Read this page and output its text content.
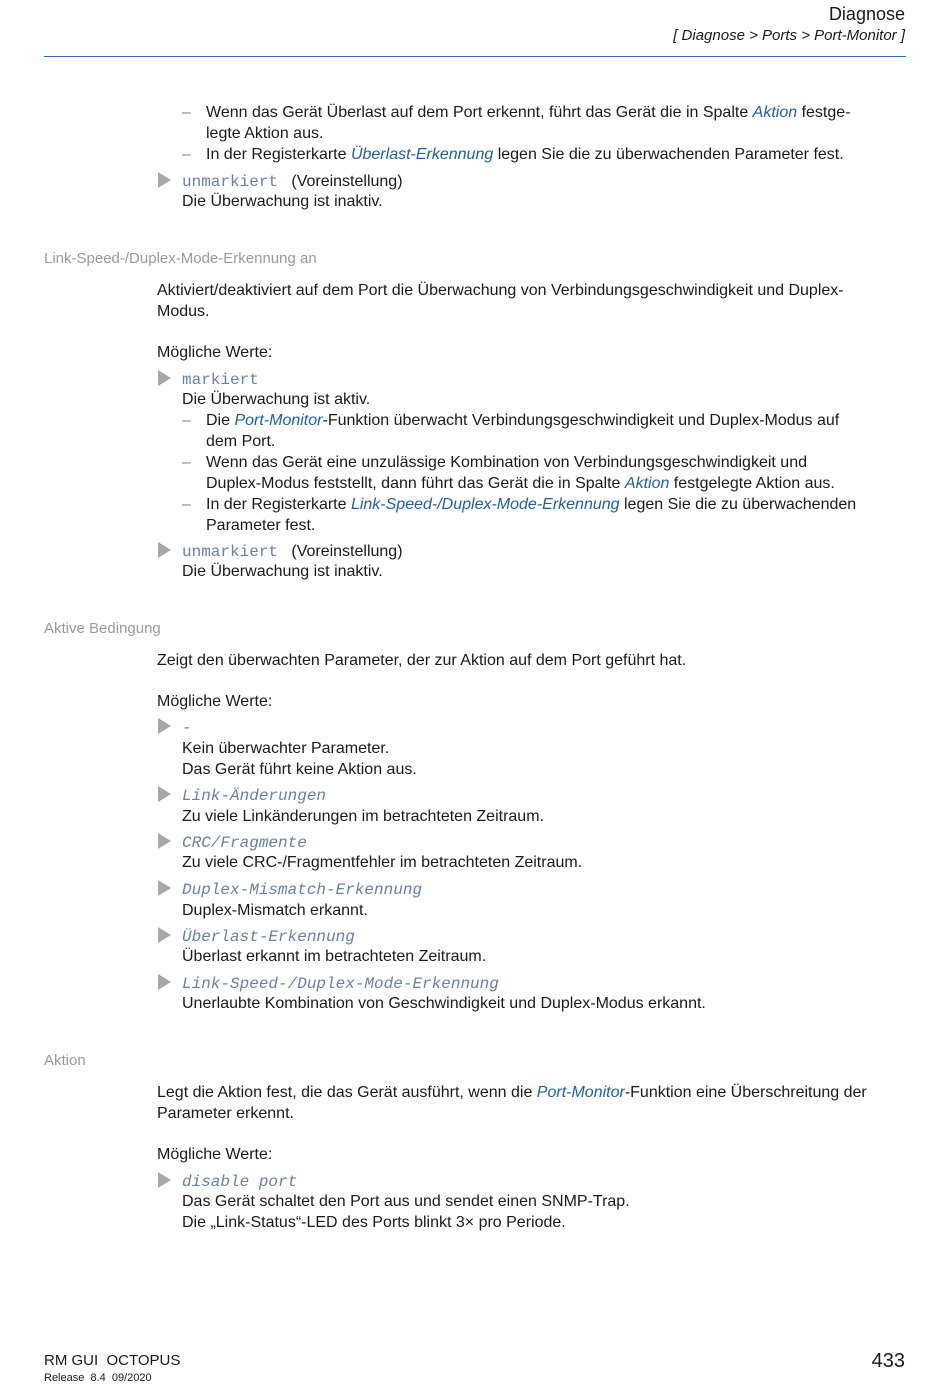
Diagnose
[ Diagnose > Ports > Port-Monitor ]
– Wenn das Gerät Überlast auf dem Port erkennt, führt das Gerät die in Spalte Aktion festge-
legte Aktion aus.
– In der Registerkarte Überlast-Erkennung legen Sie die zu überwachenden Parameter fest.
unmarkiert (Voreinstellung)
Die Überwachung ist inaktiv.
Link-Speed-/Duplex-Mode-Erkennung an
Aktiviert/deaktiviert auf dem Port die Überwachung von Verbindungsgeschwindigkeit und Duplex-
Modus.
Mögliche Werte:
markiert
Die Überwachung ist aktiv.
– Die Port-Monitor-Funktion überwacht Verbindungsgeschwindigkeit und Duplex-Modus auf
dem Port.
– Wenn das Gerät eine unzulässige Kombination von Verbindungsgeschwindigkeit und
Duplex-Modus feststellt, dann führt das Gerät die in Spalte Aktion festgelegte Aktion aus.
– In der Registerkarte Link-Speed-/Duplex-Mode-Erkennung legen Sie die zu überwachenden
Parameter fest.
unmarkiert (Voreinstellung)
Die Überwachung ist inaktiv.
Aktive Bedingung
Zeigt den überwachten Parameter, der zur Aktion auf dem Port geführt hat.
Mögliche Werte:
-
Kein überwachter Parameter.
Das Gerät führt keine Aktion aus.
Link-Änderungen
Zu viele Linkänderungen im betrachteten Zeitraum.
CRC/Fragmente
Zu viele CRC-/Fragmentfehler im betrachteten Zeitraum.
Duplex-Mismatch-Erkennung
Duplex-Mismatch erkannt.
Überlast-Erkennung
Überlast erkannt im betrachteten Zeitraum.
Link-Speed-/Duplex-Mode-Erkennung
Unerlaubte Kombination von Geschwindigkeit und Duplex-Modus erkannt.
Aktion
Legt die Aktion fest, die das Gerät ausführt, wenn die Port-Monitor-Funktion eine Überschreitung der
Parameter erkennt.
Mögliche Werte:
disable port
Das Gerät schaltet den Port aus und sendet einen SNMP-Trap.
Die „Link-Status“-LED des Ports blinkt 3× pro Periode.
RM GUI  OCTOPUS
Release  8.4  09/2020
433
